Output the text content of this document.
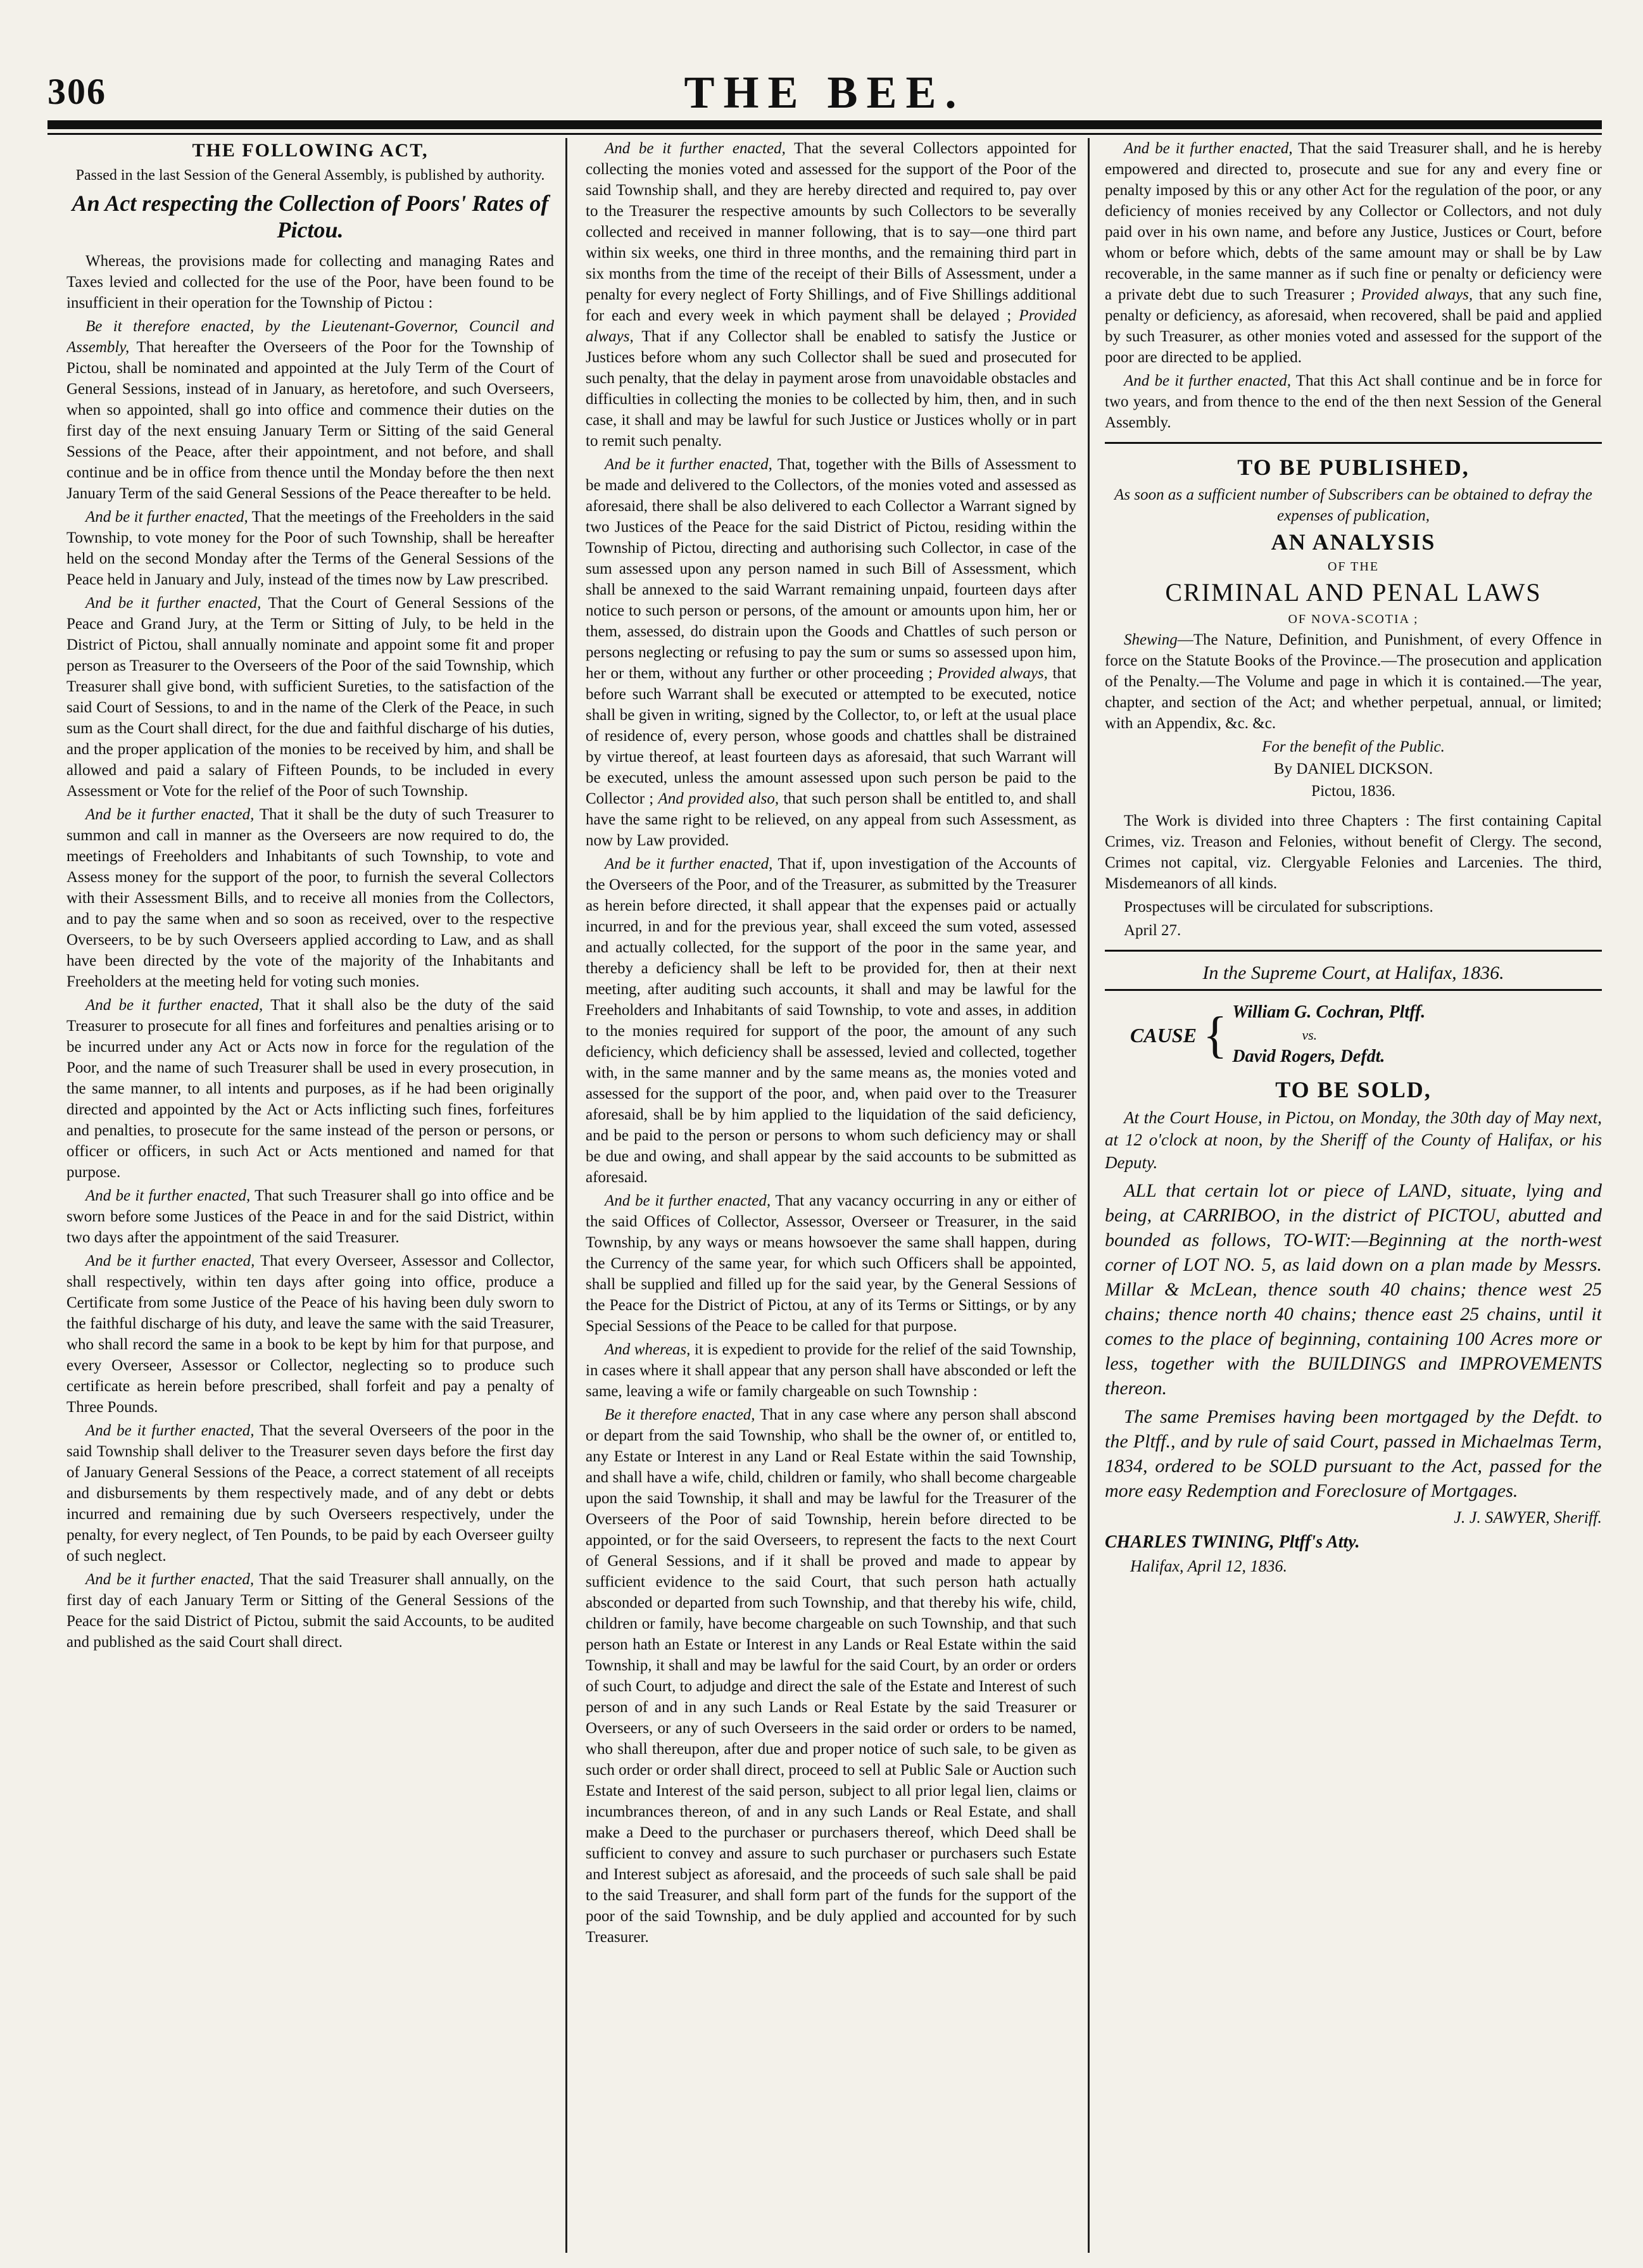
306	THE BEE.
THE FOLLOWING ACT,
Passed in the last Session of the General Assembly, is published by authority.
An Act respecting the Collection of Poors' Rates of Pictou.

Whereas, the provisions made for collecting and managing Rates and Taxes levied and collected for the use of the Poor, have been found to be insufficient in their operation for the Township of Pictou :

Be it therefore enacted, by the Lieutenant-Governor, Council and Assembly, That hereafter the Overseers of the Poor for the Township of Pictou, shall be nominated and appointed at the July Term of the Court of General Sessions, instead of in January, as heretofore, and such Overseers, when so appointed, shall go into office and commence their duties on the first day of the next ensuing January Term or Sitting of the said General Sessions of the Peace, after their appointment, and not before, and shall continue and be in office from thence until the Monday before the then next January Term of the said General Sessions of the Peace thereafter to be held.

And be it further enacted, That the meetings of the Freeholders in the said Township, to vote money for the Poor of such Township, shall be hereafter held on the second Monday after the Terms of the General Sessions of the Peace held in January and July, instead of the times now by Law prescribed.

And be it further enacted, That the Court of General Sessions of the Peace and Grand Jury, at the Term or Sitting of July, to be held in the District of Pictou, shall annually nominate and appoint some fit and proper person as Treasurer to the Overseers of the Poor of the said Township, which Treasurer shall give bond, with sufficient Sureties, to the satisfaction of the said Court of Sessions, to and in the name of the Clerk of the Peace, in such sum as the Court shall direct, for the due and faithful discharge of his duties, and the proper application of the monies to be received by him, and shall be allowed and paid a salary of Fifteen Pounds, to be included in every Assessment or Vote for the relief of the Poor of such Township.

And be it further enacted, That it shall be the duty of such Treasurer to summon and call in manner as the Overseers are now required to do, the meetings of Freeholders and Inhabitants of such Township, to vote and Assess money for the support of the poor, to furnish the several Collectors with their Assessment Bills, and to receive all monies from the Collectors, and to pay the same when and so soon as received, over to the respective Overseers, to be by such Overseers applied according to Law, and as shall have been directed by the vote of the majority of the Inhabitants and Freeholders at the meeting held for voting such monies.

And be it further enacted, That it shall also be the duty of the said Treasurer to prosecute for all fines and forfeitures and penalties arising or to be incurred under any Act or Acts now in force for the regulation of the Poor, and the name of such Treasurer shall be used in every prosecution, in the same manner, to all intents and purposes, as if he had been originally directed and appointed by the Act or Acts inflicting such fines, forfeitures and penalties, to prosecute for the same instead of the person or persons, or officer or officers, in such Act or Acts mentioned and named for that purpose.

And be it further enacted, That such Treasurer shall go into office and be sworn before some Justices of the Peace in and for the said District, within two days after the appointment of the said Treasurer.

And be it further enacted, That every Overseer, Assessor and Collector, shall respectively, within ten days after going into office, produce a Certificate from some Justice of the Peace of his having been duly sworn to the faithful discharge of his duty, and leave the same with the said Treasurer, who shall record the same in a book to be kept by him for that purpose, and every Overseer, Assessor or Collector, neglecting so to produce such certificate as herein before prescribed, shall forfeit and pay a penalty of Three Pounds.

And be it further enacted, That the several Overseers of the poor in the said Township shall deliver to the Treasurer seven days before the first day of January General Sessions of the Peace, a correct statement of all receipts and disbursements by them respectively made, and of any debt or debts incurred and remaining due by such Overseers respectively, under the penalty, for every neglect, of Ten Pounds, to be paid by each Overseer guilty of such neglect.

And be it further enacted, That the said Treasurer shall annually, on the first day of each January Term or Sitting of the General Sessions of the Peace for the said District of Pictou, submit the said Accounts, to be audited and published as the said Court shall direct.

And be it further enacted, That the several Collectors appointed for collecting the monies voted and assessed for the support of the Poor of the said Township shall, and they are hereby directed and required to, pay over to the Treasurer the respective amounts by such Collectors to be severally collected and received in manner following, that is to say—one third part within six weeks, one third in three months, and the remaining third part in six months from the time of the receipt of their Bills of Assessment, under a penalty for every neglect of Forty Shillings, and of Five Shillings additional for each and every week in which payment shall be delayed ; Provided always, That if any Collector shall be enabled to satisfy the Justice or Justices before whom any such Collector shall be sued and prosecuted for such penalty, that the delay in payment arose from unavoidable obstacles and difficulties in collecting the monies to be collected by him, then, and in such case, it shall and may be lawful for such Justice or Justices wholly or in part to remit such penalty.

And be it further enacted, That, together with the Bills of Assessment to be made and delivered to the Collectors, of the monies voted and assessed as aforesaid, there shall be also delivered to each Collector a Warrant signed by two Justices of the Peace for the said District of Pictou, residing within the Township of Pictou, directing and authorising such Collector, in case of the sum assessed upon any person named in such Bill of Assessment, which shall be annexed to the said Warrant remaining unpaid, fourteen days after notice to such person or persons, of the amount or amounts upon him, her or them, assessed, do distrain upon the Goods and Chattles of such person or persons neglecting or refusing to pay the sum or sums so assessed upon him, her or them, without any further or other proceeding ; Provided always, that before such Warrant shall be executed or attempted to be executed, notice shall be given in writing, signed by the Collector, to, or left at the usual place of residence of, every person, whose goods and chattles shall be distrained by virtue thereof, at least fourteen days as aforesaid, that such Warrant will be executed, unless the amount assessed upon such person be paid to the Collector ; And provided also, that such person shall be entitled to, and shall have the same right to be relieved, on any appeal from such Assessment, as now by Law provided.

And be it further enacted, That if, upon investigation of the Accounts of the Overseers of the Poor, and of the Treasurer, as submitted by the Treasurer as herein before directed, it shall appear that the expenses paid or actually incurred, in and for the previous year, shall exceed the sum voted, assessed and actually collected, for the support of the poor in the same year, and thereby a deficiency shall be left to be provided for, then at their next meeting, after auditing such accounts, it shall and may be lawful for the Freeholders and Inhabitants of said Township, to vote and asses, in addition to the monies required for support of the poor, the amount of any such deficiency, which deficiency shall be assessed, levied and collected, together with, in the same manner and by the same means as, the monies voted and assessed for the support of the poor, and, when paid over to the Treasurer aforesaid, shall be by him applied to the liquidation of the said deficiency, and be paid to the person or persons to whom such deficiency may or shall be due and owing, and shall appear by the said accounts to be submitted as aforesaid.

And be it further enacted, That any vacancy occurring in any or either of the said Offices of Collector, Assessor, Overseer or Treasurer, in the said Township, by any ways or means howsoever the same shall happen, during the Currency of the same year, for which such Officers shall be appointed, shall be supplied and filled up for the said year, by the General Sessions of the Peace for the District of Pictou, at any of its Terms or Sittings, or by any Special Sessions of the Peace to be called for that purpose.

And whereas, it is expedient to provide for the relief of the said Township, in cases where it shall appear that any person shall have absconded or left the same, leaving a wife or family chargeable on such Township :

Be it therefore enacted, That in any case where any person shall abscond or depart from the said Township, who shall be the owner of, or entitled to, any Estate or Interest in any Land or Real Estate within the said Township, and shall have a wife, child, children or family, who shall become chargeable upon the said Township, it shall and may be lawful for the Treasurer of the Overseers of the Poor of said Township, herein before directed to be appointed, or for the said Overseers, to represent the facts to the next Court of General Sessions, and if it shall be proved and made to appear by sufficient evidence to the said Court, that such person hath actually absconded or departed from such Township, and that thereby his wife, child, children or family, have become chargeable on such Township, and that such person hath an Estate or Interest in any Lands or Real Estate within the said Township, it shall and may be lawful for the said Court, by an order or orders of such Court, to adjudge and direct the sale of the Estate and Interest of such person of and in any such Lands or Real Estate by the said Treasurer or Overseers, or any of such Overseers in the said order or orders to be named, who shall thereupon, after due and proper notice of such sale, to be given as such order or order shall direct, proceed to sell at Public Sale or Auction such Estate and Interest of the said person, subject to all prior legal lien, claims or incumbrances thereon, of and in any such Lands or Real Estate, and shall make a Deed to the purchaser or purchasers thereof, which Deed shall be sufficient to convey and assure to such purchaser or purchasers such Estate and Interest subject as aforesaid, and the proceeds of such sale shall be paid to the said Treasurer, and shall form part of the funds for the support of the poor of the said Township, and be duly applied and accounted for by such Treasurer.

And be it further enacted, That the said Treasurer shall, and he is hereby empowered and directed to, prosecute and sue for any and every fine or penalty imposed by this or any other Act for the regulation of the poor, or any deficiency of monies received by any Collector or Collectors, and not duly paid over in his own name, and before any Justice, Justices or Court, before whom or before which, debts of the same amount may or shall be by Law recoverable, in the same manner as if such fine or penalty or deficiency were a private debt due to such Treasurer ; Provided always, that any such fine, penalty or deficiency, as aforesaid, when recovered, shall be paid and applied by such Treasurer, as other monies voted and assessed for the support of the poor are directed to be applied.

And be it further enacted, That this Act shall continue and be in force for two years, and from thence to the end of the then next Session of the General Assembly.

TO BE PUBLISHED,

As soon as a sufficient number of Subscribers can be obtained to defray the expenses of publication,

AN ANALYSIS

OF THE

CRIMINAL AND PENAL LAWS

OF NOVA-SCOTIA ;

Shewing—The Nature, Definition, and Punishment, of every Offence in force on the Statute Books of the Province.—The prosecution and application of the Penalty.—The Volume and page in which it is contained.—The year, chapter, and section of the Act; and whether perpetual, annual, or limited; with an Appendix, &c. &c.

For the benefit of the Public.

By DANIEL DICKSON.

Pictou, 1836.

The Work is divided into three Chapters : The first containing Capital Crimes, viz. Treason and Felonies, without benefit of Clergy. The second, Crimes not capital, viz. Clergyable Felonies and Larcenies. The third, Misdemeanors of all kinds.

Prospectuses will be circulated for subscriptions.

April 27.

In the Supreme Court, at Halifax, 1836.

CAUSE { William G. Cochran, Pltff.
vs.
David Rogers, Defdt.

TO BE SOLD,

At the Court House, in Pictou, on Monday, the 30th day of May next, at 12 o'clock at noon, by the Sheriff of the County of Halifax, or his Deputy.

ALL that certain lot or piece of LAND, situate, lying and being, at CARRIBOO, in the district of PICTOU, abutted and bounded as follows, TO-WIT:—Beginning at the north-west corner of LOT NO. 5, as laid down on a plan made by Messrs. Millar & McLean, thence south 40 chains; thence west 25 chains; thence north 40 chains; thence east 25 chains, until it comes to the place of beginning, containing 100 Acres more or less, together with the BUILDINGS and IMPROVEMENTS thereon.

The same Premises having been mortgaged by the Defdt. to the Pltff., and by rule of said Court, passed in Michaelmas Term, 1834, ordered to be SOLD pursuant to the Act, passed for the more easy Redemption and Foreclosure of Mortgages.

J. J. SAWYER, Sheriff.

CHARLES TWINING, Pltff's Atty.

Halifax, April 12, 1836.
